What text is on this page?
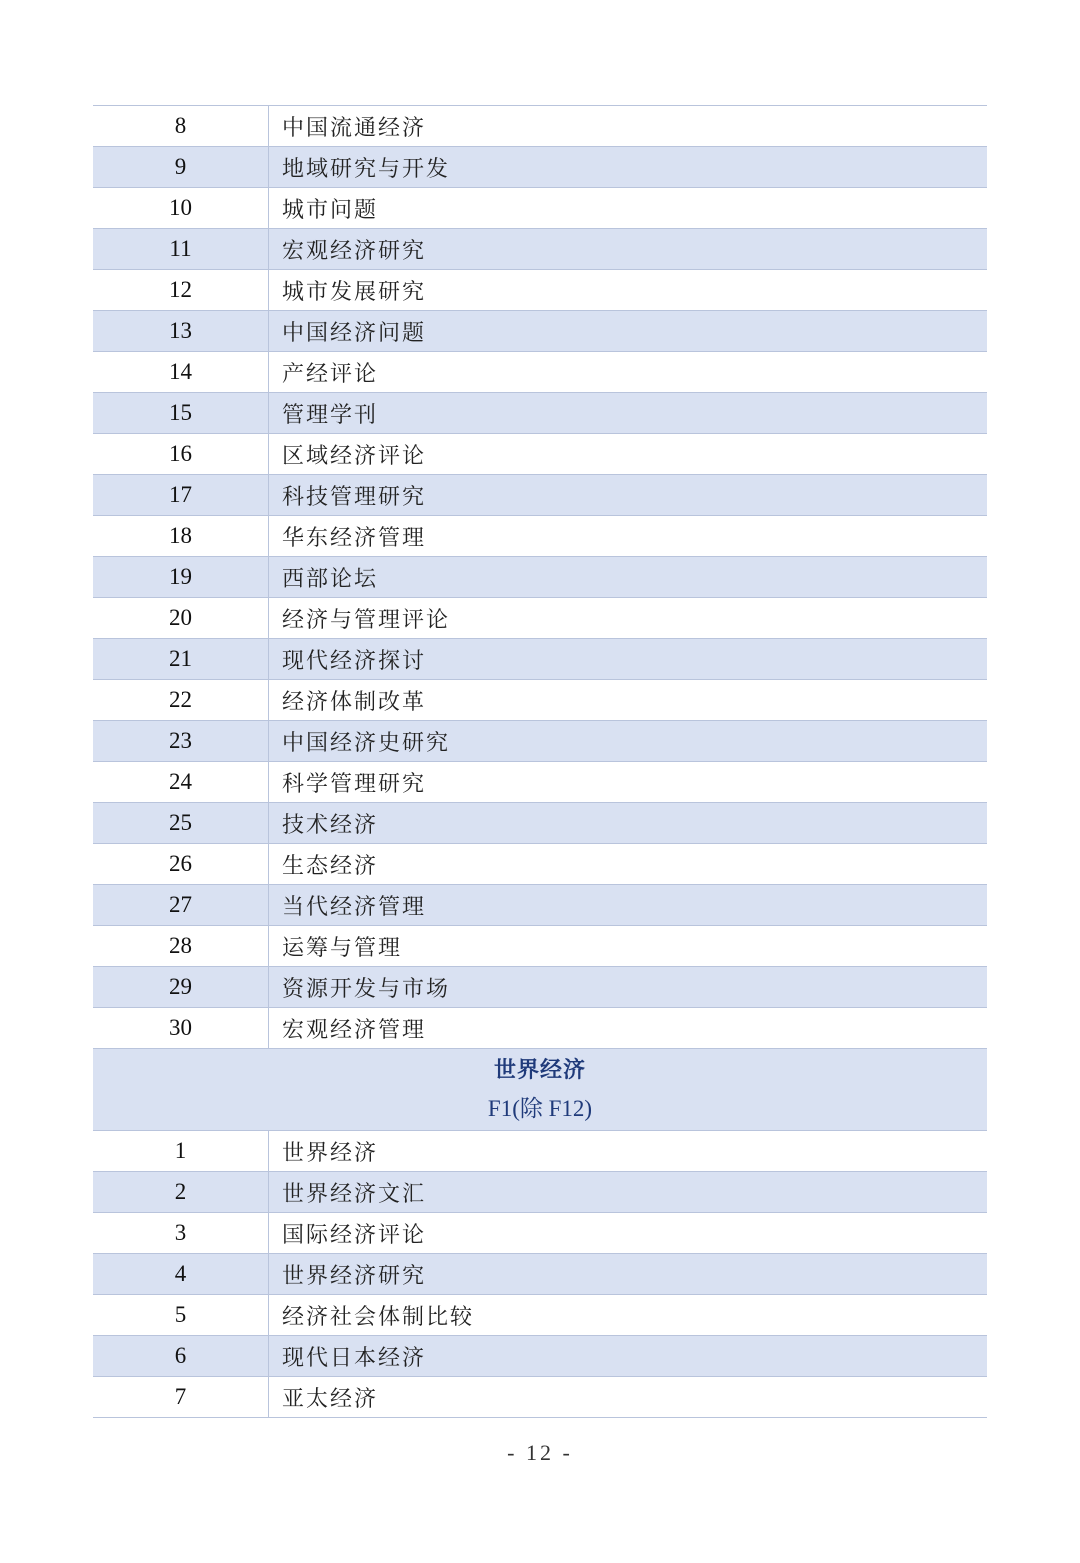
8	中国流通经济
9	地域研究与开发
10	城市问题
11	宏观经济研究
12	城市发展研究
13	中国经济问题
14	产经评论
15	管理学刊
16	区域经济评论
17	科技管理研究
18	华东经济管理
19	西部论坛
20	经济与管理评论
21	现代经济探讨
22	经济体制改革
23	中国经济史研究
24	科学管理研究
25	技术经济
26	生态经济
27	当代经济管理
28	运筹与管理
29	资源开发与市场
30	宏观经济管理
世界经济
F1(除 F12)
1	世界经济
2	世界经济文汇
3	国际经济评论
4	世界经济研究
5	经济社会体制比较
6	现代日本经济
7	亚太经济
- 12 -
